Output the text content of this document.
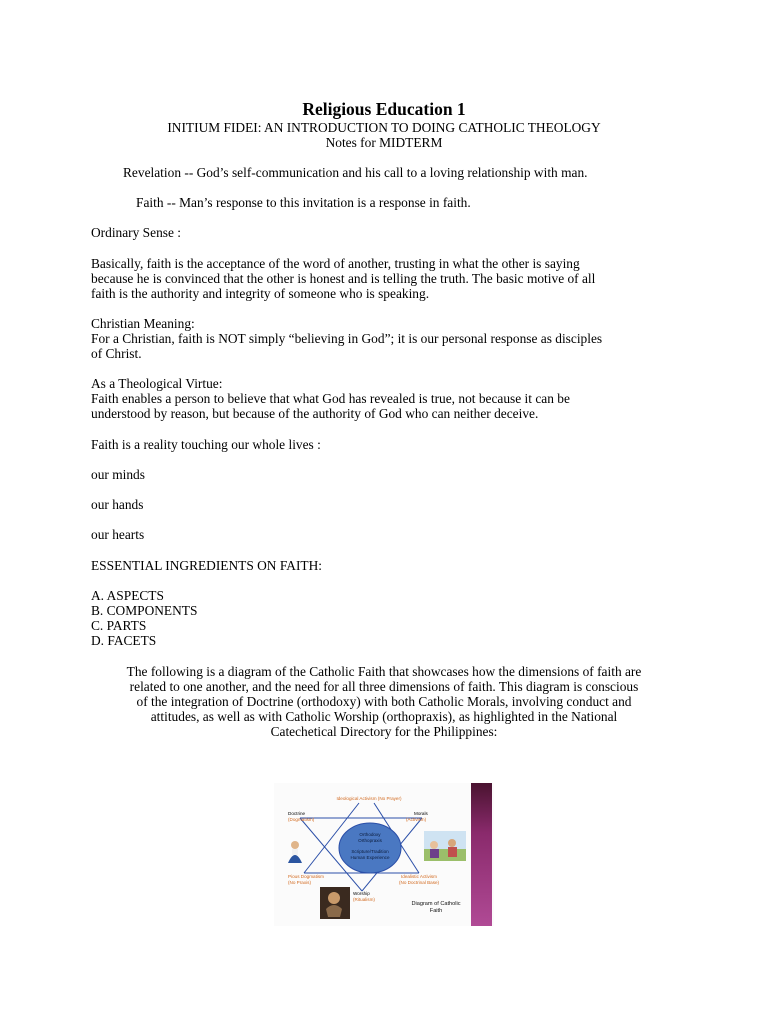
Religious Education 1
INITIUM FIDEI: AN INTRODUCTION TO DOING CATHOLIC THEOLOGY
Notes for MIDTERM
Revelation -- God’s self-communication and his call to a loving relationship with man.
Faith -- Man’s response to this invitation is a response in faith.
Ordinary Sense :
Basically, faith is the acceptance of the word of another, trusting in what the other is saying
because he is convinced that the other is honest and is telling the truth. The basic motive of all
faith is the authority and integrity of someone who is speaking.
Christian Meaning:
For a Christian, faith is NOT simply “believing in God”; it is our personal response as disciples
of Christ.
As a Theological Virtue:
Faith enables a person to believe that what God has revealed is true, not because it can be
understood by reason, but because of the authority of God who can neither deceive.
Faith is a reality touching our whole lives :
our minds
our hands
our hearts
ESSENTIAL INGREDIENTS ON FAITH:
A. ASPECTS
B. COMPONENTS
C. PARTS
D. FACETS
The following is a diagram of the Catholic Faith that showcases how the dimensions of faith are
related to one another, and the need for all three dimensions of faith. This diagram is conscious
of the integration of Doctrine (orthodoxy) with both Catholic Morals, involving conduct and
attitudes, as well as with Catholic Worship (orthopraxis), as highlighted in the National
Catechetical Directory for the Philippines:
Ideological Activism (No Prayer)
Doctrine
(Dogmatism)
Morals
(Activism)
Orthodoxy
Orthopraxis
Scripture/Tradition
Human Experience
Pious Dogmatism
(No Praxis)
Idealistic Activism
(No Doctrinal Base)
Worship
(Ritualism)
Diagram of Catholic
Faith
